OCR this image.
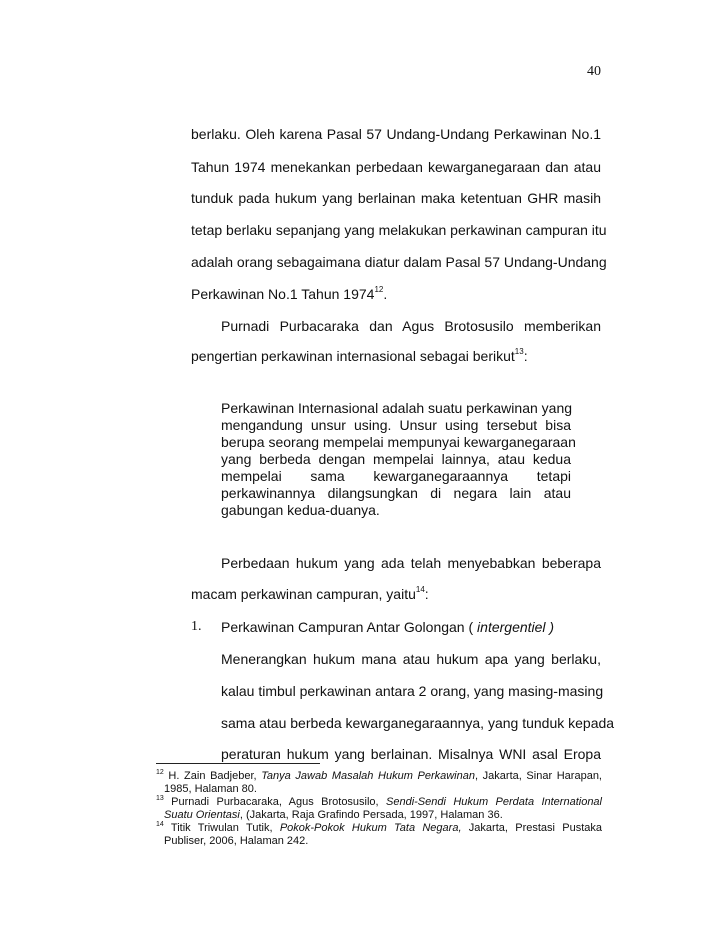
40
berlaku. Oleh karena Pasal 57 Undang-Undang Perkawinan No.1
Tahun 1974 menekankan perbedaan kewarganegaraan dan atau
tunduk pada hukum yang berlainan maka ketentuan GHR masih
tetap berlaku sepanjang yang melakukan perkawinan campuran itu
adalah orang sebagaimana diatur dalam Pasal 57 Undang-Undang
Perkawinan No.1 Tahun 1974$^{12}$.
Purnadi Purbacaraka dan Agus Brotosusilo memberikan
pengertian perkawinan internasional sebagai berikut$^{13}$:
Perkawinan Internasional adalah suatu perkawinan yang
mengandung unsur using. Unsur using tersebut bisa
berupa seorang mempelai mempunyai kewarganegaraan
yang berbeda dengan mempelai lainnya, atau kedua
mempelai sama kewarganegaraannya tetapi
perkawinannya dilangsungkan di negara lain atau
gabungan kedua-duanya.
Perbedaan hukum yang ada telah menyebabkan beberapa
macam perkawinan campuran, yaitu$^{14}$:
1. Perkawinan Campuran Antar Golongan ( intergentiel )
Menerangkan hukum mana atau hukum apa yang berlaku,
kalau timbul perkawinan antara 2 orang, yang masing-masing
sama atau berbeda kewarganegaraannya, yang tunduk kepada
peraturan hukum yang berlainan. Misalnya WNI asal Eropa
$^{12}$ H. Zain Badjeber, Tanya Jawab Masalah Hukum Perkawinan, Jakarta, Sinar Harapan,
1985, Halaman 80.
$^{13}$ Purnadi Purbacaraka, Agus Brotosusilo, Sendi-Sendi Hukum Perdata International
Suatu Orientasi, (Jakarta, Raja Grafindo Persada, 1997, Halaman 36.
$^{14}$ Titik Triwulan Tutik, Pokok-Pokok Hukum Tata Negara, Jakarta, Prestasi Pustaka
Publiser, 2006, Halaman 242.
